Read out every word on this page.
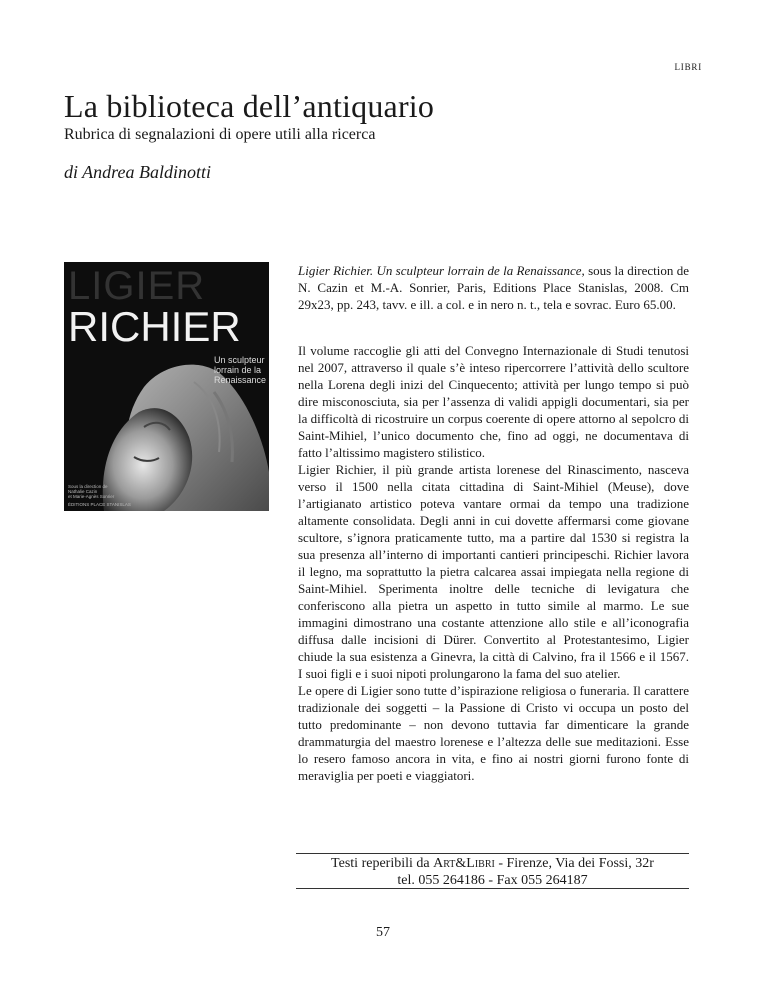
LIBRI
La biblioteca dell’antiquario
Rubrica di segnalazioni di opere utili alla ricerca
di Andrea Baldinotti
LIGIER
RICHIER
Un sculpteur
lorrain de la
Renaissance
Sous la direction de
Nathalie Cazin
et Marie-Agnès Sonrier
ÉDITIONS PLACE STANISLAS
Ligier Richier. Un sculpteur lorrain de la Renaissance, sous la direction de N. Cazin et M.-A. Sonrier, Paris, Editions Place Stanislas, 2008. Cm 29x23, pp. 243, tavv. e ill. a col. e in nero n. t., tela e sovrac. Euro 65.00.

Il volume raccoglie gli atti del Convegno Internazionale di Studi tenutosi nel 2007, attraverso il quale s’è inteso ripercorrere l’attività dello scultore nella Lorena degli inizi del Cinquecento; attività per lungo tempo si può dire misconosciuta, sia per l’assenza di validi appigli documentari, sia per la difficoltà di ricostruire un corpus coerente di opere attorno al sepolcro di Saint-Mihiel, l’unico documento che, fino ad oggi, ne documentava di fatto l’altissimo magistero stilistico.

Ligier Richier, il più grande artista lorenese del Rinascimento, nasceva verso il 1500 nella citata cittadina di Saint-Mihiel (Meuse), dove l’artigianato artistico poteva vantare ormai da tempo una tradizione altamente consolidata. Degli anni in cui dovette affermarsi come giovane scultore, s’ignora praticamente tutto, ma a partire dal 1530 si registra la sua presenza all’interno di importanti cantieri principeschi. Richier lavora il legno, ma soprattutto la pietra calcarea assai impiegata nella regione di Saint-Mihiel. Sperimenta inoltre delle tecniche di levigatura che conferiscono alla pietra un aspetto in tutto simile al marmo. Le sue immagini dimostrano una costante attenzione allo stile e all’iconografia diffusa dalle incisioni di Dürer. Convertito al Protestantesimo, Ligier chiude la sua esistenza a Ginevra, la città di Calvino, fra il 1566 e il 1567. I suoi figli e i suoi nipoti prolungarono la fama del suo atelier.

Le opere di Ligier sono tutte d’ispirazione religiosa o funeraria. Il carattere tradizionale dei soggetti – la Passione di Cristo vi occupa un posto del tutto predominante – non devono tuttavia far dimenticare la grande drammaturgia del maestro lorenese e l’altezza delle sue meditazioni. Esse lo resero famoso ancora in vita, e fino ai nostri giorni furono fonte di meraviglia per poeti e viaggiatori.

Testi reperibili da Art&Libri - Firenze, Via dei Fossi, 32r
tel. 055 264186 - Fax 055 264187
57
